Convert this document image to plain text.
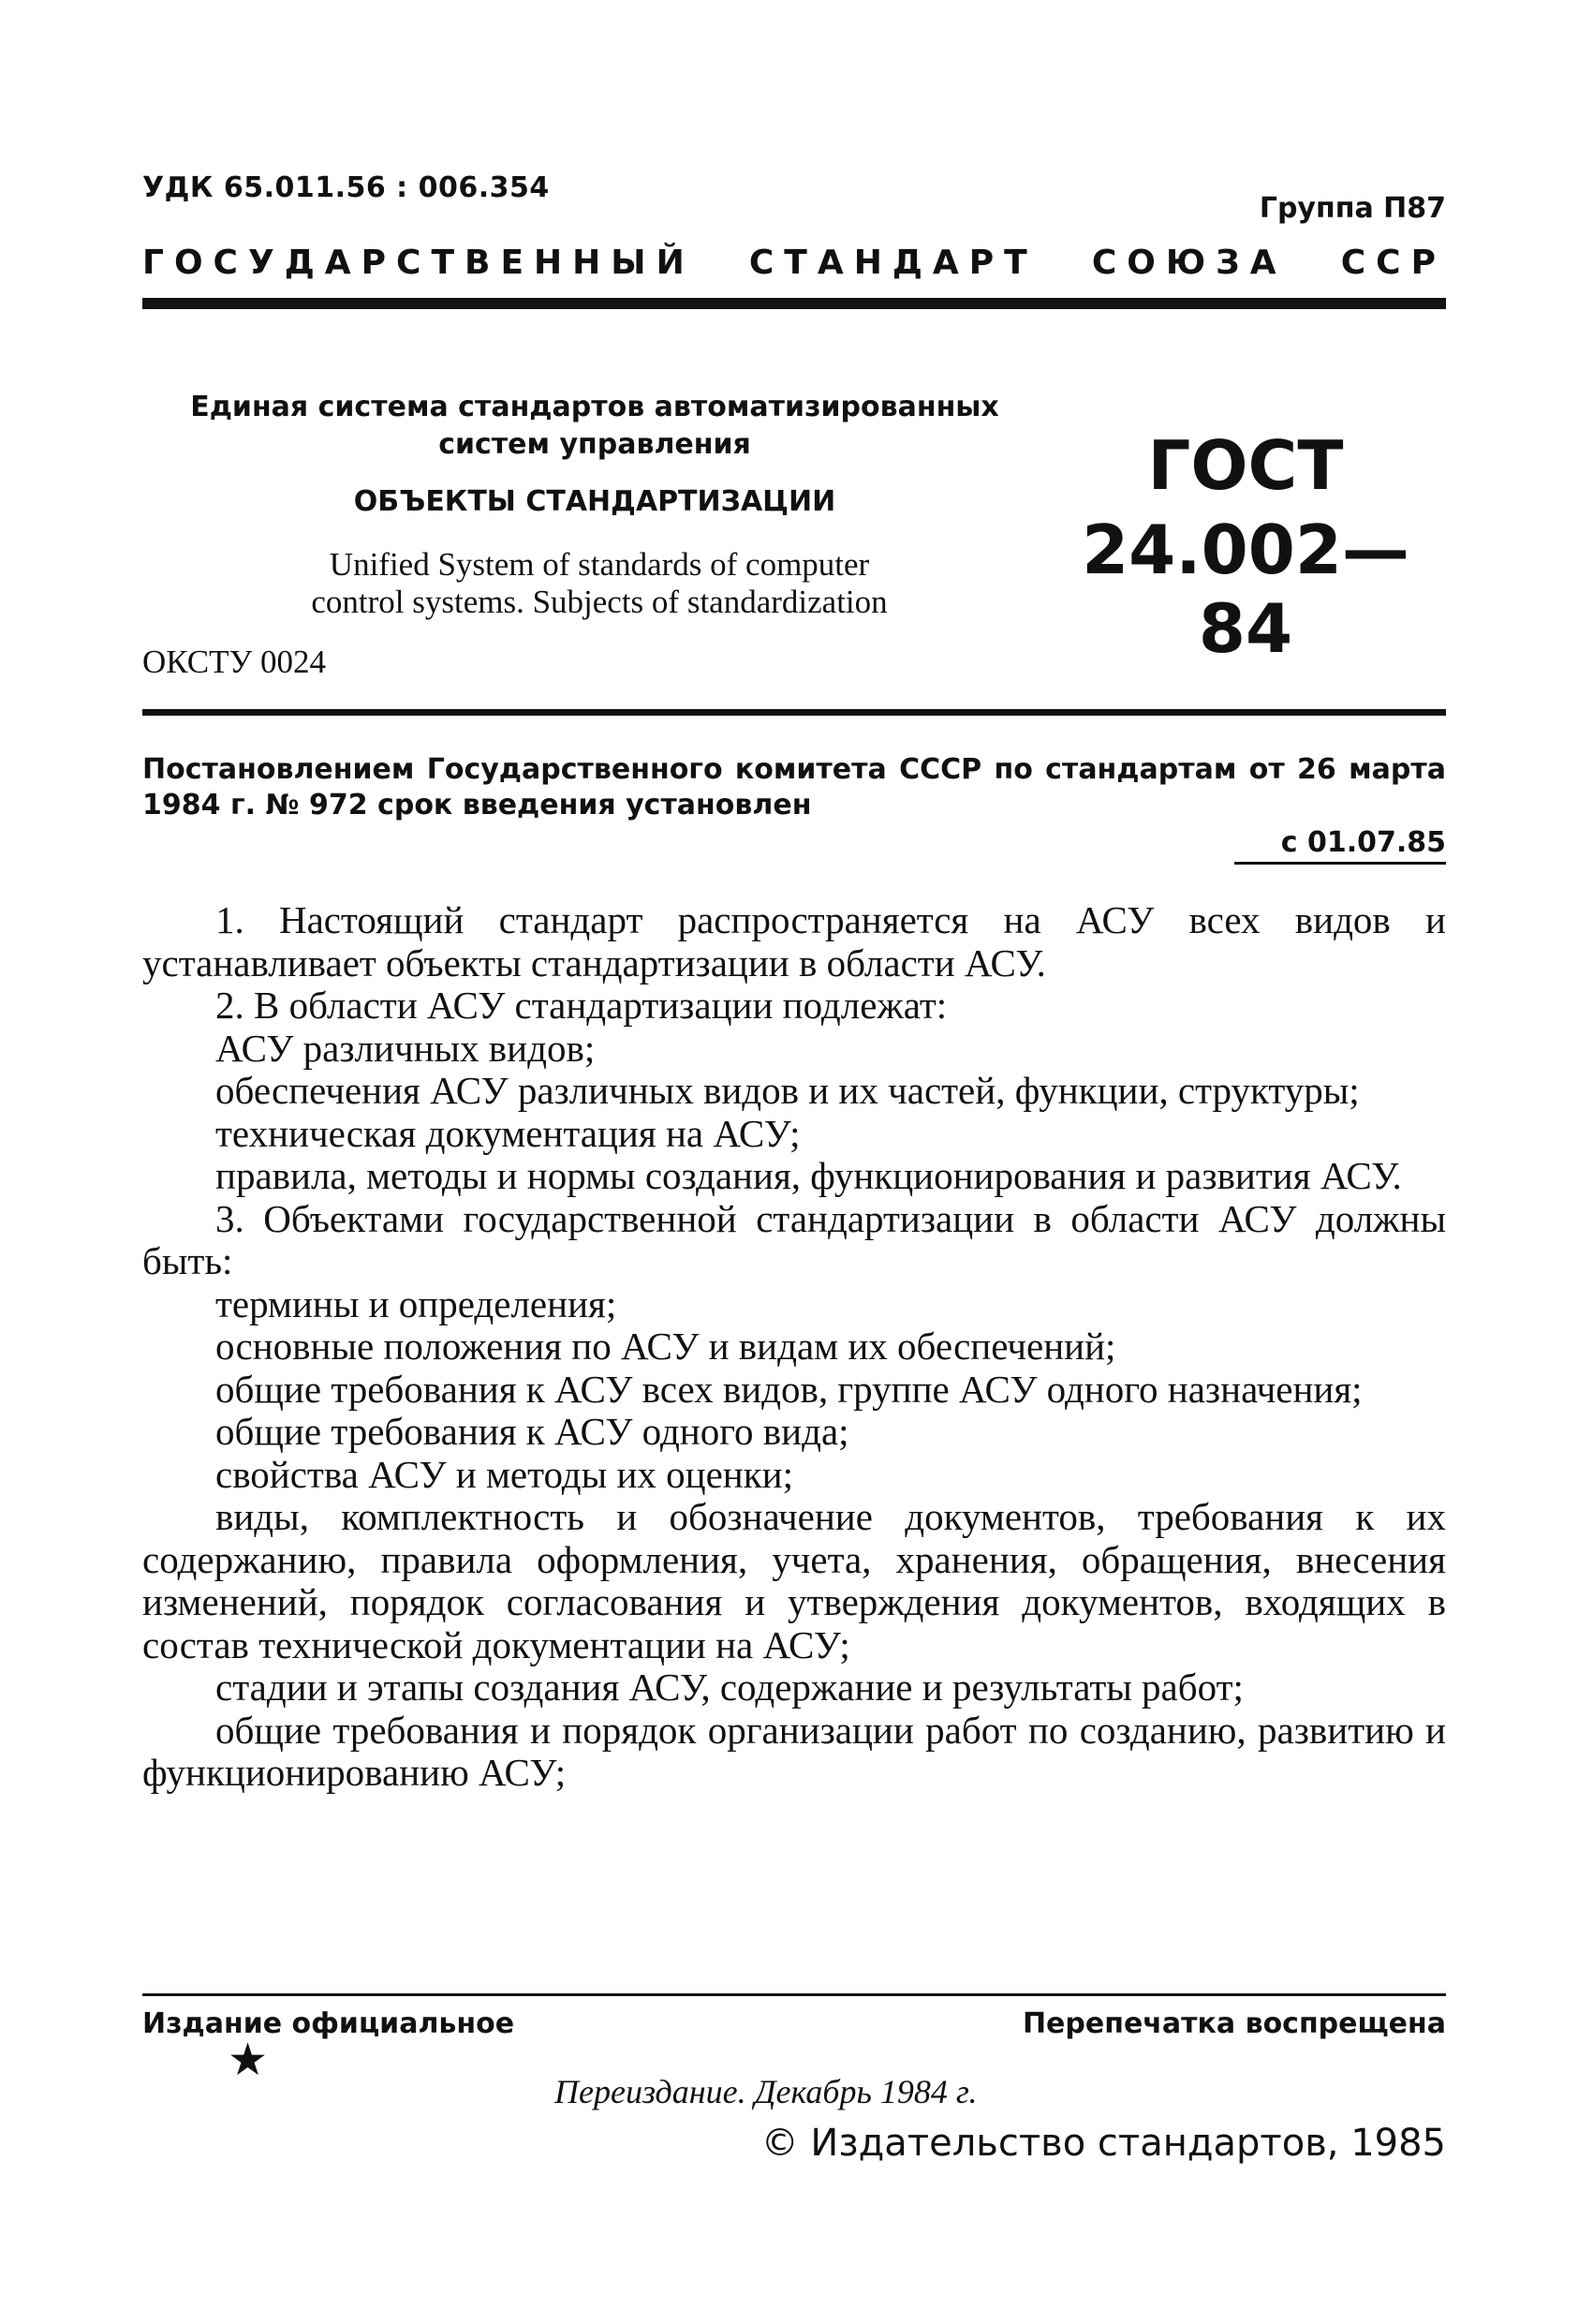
УДК 65.011.56 : 006.354
Группа П87
ГОСУДАРСТВЕННЫЙ СТАНДАРТ СОЮЗА ССР
Единая система стандартов автоматизированных
систем управления
ОБЪЕКТЫ СТАНДАРТИЗАЦИИ
Unified System of standards of computer
control systems. Subjects of standardization
ГОСТ
24.002—84
ОКСТУ 0024
Постановлением Государственного комитета СССР по стандартам от 26 марта 1984 г. № 972 срок введения установлен
с 01.07.85

1. Настоящий стандарт распространяется на АСУ всех видов и устанавливает объекты стандартизации в области АСУ.

2. В области АСУ стандартизации подлежат:

АСУ различных видов;

обеспечения АСУ различных видов и их частей, функции, структуры;

техническая документация на АСУ;

правила, методы и нормы создания, функционирования и развития АСУ.

3. Объектами государственной стандартизации в области АСУ должны быть:

термины и определения;

основные положения по АСУ и видам их обеспечений;

общие требования к АСУ всех видов, группе АСУ одного назначения;

общие требования к АСУ одного вида;

свойства АСУ и методы их оценки;

виды, комплектность и обозначение документов, требования к их содержанию, правила оформления, учета, хранения, обращения, внесения изменений, порядок согласования и утверждения документов, входящих в состав технической документации на АСУ;

стадии и этапы создания АСУ, содержание и результаты работ;

общие требования и порядок организации работ по созданию, развитию и функционированию АСУ;

Издание официальное	Перепечатка воспрещена
★
Переиздание. Декабрь 1984 г.
© Издательство стандартов, 1985
